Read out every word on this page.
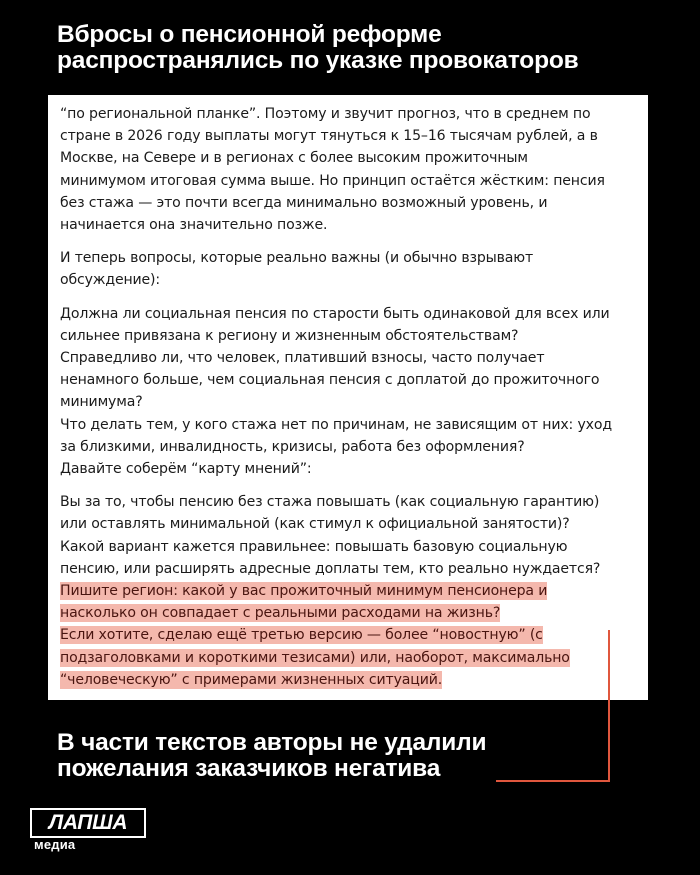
Вбросы о пенсионной реформе
распространялись по указке провокаторов

“по региональной планке”. Поэтому и звучит прогноз, что в среднем по
стране в 2026 году выплаты могут тянуться к 15–16 тысячам рублей, а в
Москве, на Севере и в регионах с более высоким прожиточным
минимумом итоговая сумма выше. Но принцип остаётся жёстким: пенсия
без стажа — это почти всегда минимально возможный уровень, и
начинается она значительно позже.

И теперь вопросы, которые реально важны (и обычно взрывают
обсуждение):

Должна ли социальная пенсия по старости быть одинаковой для всех или
сильнее привязана к региону и жизненным обстоятельствам?
Справедливо ли, что человек, плативший взносы, часто получает
ненамного больше, чем социальная пенсия с доплатой до прожиточного
минимума?
Что делать тем, у кого стажа нет по причинам, не зависящим от них: уход
за близкими, инвалидность, кризисы, работа без оформления?
Давайте соберём “карту мнений”:

Вы за то, чтобы пенсию без стажа повышать (как социальную гарантию)
или оставлять минимальной (как стимул к официальной занятости)?
Какой вариант кажется правильнее: повышать базовую социальную
пенсию, или расширять адресные доплаты тем, кто реально нуждается?
Пишите регион: какой у вас прожиточный минимум пенсионера и
насколько он совпадает с реальными расходами на жизнь?
Если хотите, сделаю ещё третью версию — более “новостную” (с
подзаголовками и короткими тезисами) или, наоборот, максимально
“человеческую” с примерами жизненных ситуаций.

В части текстов авторы не удалили
пожелания заказчиков негатива
ЛАПША
медиа
